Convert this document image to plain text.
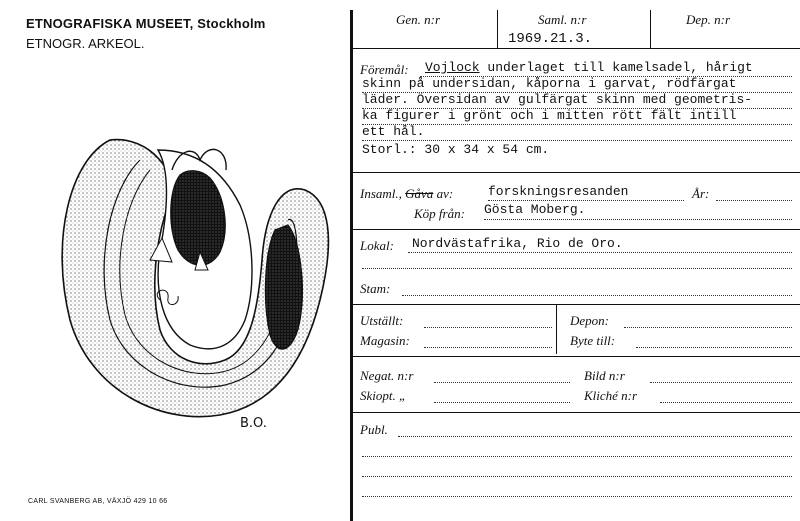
ETNOGRAFISKA MUSEET, Stockholm
ETNOGR. ARKEOL.
B.O.
CARL SVANBERG AB, VÄXJÖ 429 10 66
Gen. n:r	Saml. n:r	Dep. n:r
1969.21.3.
Föremål: Vojlock underlaget till kamelsadel, hårigt
skinn på undersidan, kåporna i garvat, rödfärgat
läder. Översidan av gulfärgat skinn med geometris-
ka figurer i grönt och i mitten rött fält intill
ett hål.
Storl.: 30 x 34 x 54 cm.
Insaml., Gåva av:	forskningsresanden	År:
Köp från: Gösta Moberg.
Lokal: Nordvästafrika, Rio de Oro.
Stam:
Utställt:
Magasin:
Depon:
Byte till:
Negat. n:r
Skiopt. „
Bild n:r
Kliché n:r
Publ.
